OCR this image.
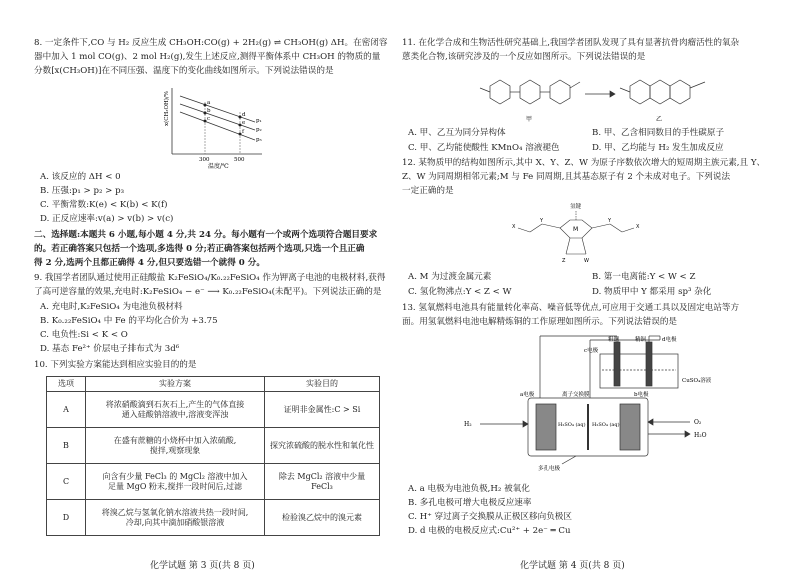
8. 一定条件下,CO 与 H₂ 反应生成 CH₃OH:CO(g) + 2H₂(g) ⇌ CH₃OH(g) ΔH。在密闭容
器中加入 1 mol CO(g)、2 mol H₂(g),发生上述反应,测得平衡体系中 CH₃OH 的物质的量
分数[x(CH₃OH)]在不同压强、温度下的变化曲线如图所示。下列说法错误的是
x(CH₃OH)/%
温度/℃
300	500
p₁
p₂
p₃
a
b
c
d
e
f
A. 该反应的 ΔH < 0
B. 压强:p₁ > p₂ > p₃
C. 平衡常数:K(e) < K(b) < K(f)
D. 正反应速率:v(a) > v(b) > v(c)
二、选择题:本题共 6 小题,每小题 4 分,共 24 分。每小题有一个或两个选项符合题目要求
的。若正确答案只包括一个选项,多选得 0 分;若正确答案包括两个选项,只选一个且正确
得 2 分,选两个且都正确得 4 分,但只要选错一个就得 0 分。
9. 我国学者团队通过使用正硅酸盐 K₂FeSiO₄/K₀.₂₂FeSiO₄ 作为钾离子电池的电极材料,获得
了高可逆容量的效果,充电时:K₂FeSiO₄ − e⁻ ⟶ K₀.₂₂FeSiO₄(未配平)。下列说法正确的是
A. 充电时,K₂FeSiO₄ 为电池负极材料
B. K₀.₂₂FeSiO₄ 中 Fe 的平均化合价为 +3.75
C. 电负性:Si < K < O
D. 基态 Fe²⁺ 价层电子排布式为 3d⁶
10. 下列实验方案能达到相应实验目的的是
选项	实验方案	实验目的
A	将浓硝酸滴到石灰石上,产生的气体直接
通入硅酸钠溶液中,溶液变浑浊	证明非金属性:C > Si
B	在盛有蔗糖的小烧杯中加入浓硫酸,
搅拌,观察现象	探究浓硫酸的脱水性和氧化性
C	向含有少量 FeCl₃ 的 MgCl₂ 溶液中加入
足量 MgO 粉末,搅拌一段时间后,过滤	除去 MgCl₂ 溶液中少量 FeCl₃
D	将溴乙烷与氢氧化钠水溶液共热一段时间,
冷却,向其中滴加硝酸银溶液	检验溴乙烷中的溴元素
化学试题 第 3 页(共 8 页)
11. 在化学合成和生物活性研究基础上,我国学者团队发现了具有显著抗骨肉瘤活性的氧杂
蒽类化合物,该研究涉及的一个反应如图所示。下列说法错误的是
甲	乙
A. 甲、乙互为同分异构体	B. 甲、乙含相同数目的手性碳原子
C. 甲、乙均能使酸性 KMnO₄ 溶液褪色	D. 甲、乙均能与 H₂ 发生加成反应
12. 某物质甲的结构如图所示,其中 X、Y、Z、W 为原子序数依次增大的短周期主族元素,且 Y、
Z、W 为同周期相邻元素;M 与 Fe 同周期,且其基态原子有 2 个未成对电子。下列说法
一定正确的是
M
氢键
X	X
Y	Y
Z	W
A. M 为过渡金属元素	B. 第一电离能:Y < W < Z
C. 氢化物沸点:Y < Z < W	D. 物质甲中 Y 都采用 sp³ 杂化
13. 氢氧燃料电池具有能量转化率高、噪音低等优点,可应用于交通工具以及固定电站等方
面。用氢氧燃料电池电解精炼铜的工作原理如图所示。下列说法错误的是
c电极
粗铜	精铜	d电极
CuSO₄溶液
a电极	离子交换膜	b电极
H₂	O₂
H₂O
H₂SO₄ (aq) H₂SO₄ (aq)
多孔电极
A. a 电极为电池负极,H₂ 被氧化
B. 多孔电极可增大电极反应速率
C. H⁺ 穿过离子交换膜从正极区移向负极区
D. d 电极的电极反应式:Cu²⁺ + 2e⁻ ═ Cu
化学试题 第 4 页(共 8 页)
